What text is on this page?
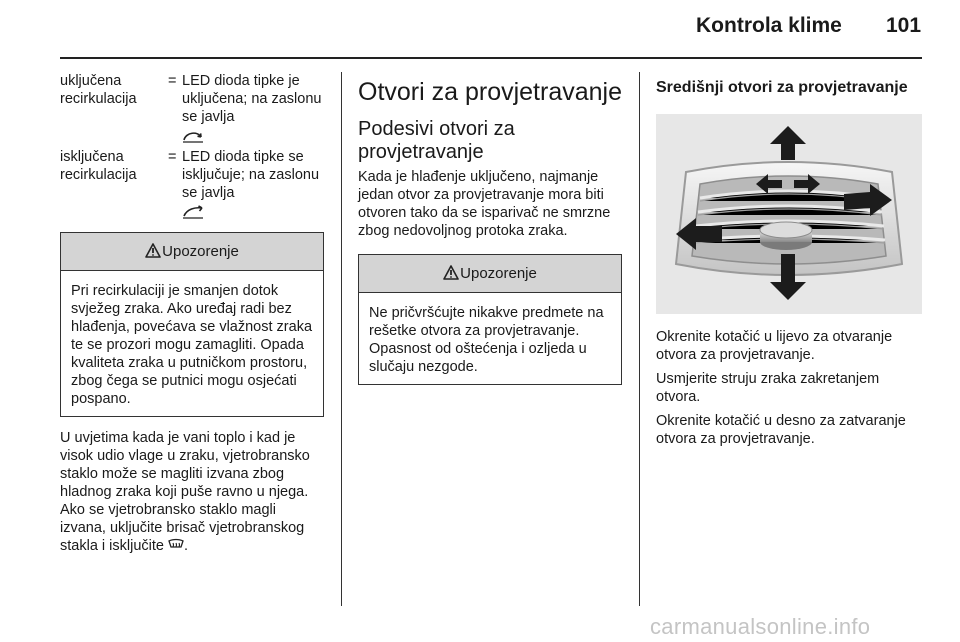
Kontrola klime 101
uključena recirkulacija
= LED dioda tipke je uključena; na zaslonu se javlja
isključena recirkulacija
= LED dioda tipke se isključuje; na zaslonu se javlja
Upozorenje
Pri recirkulaciji je smanjen dotok svježeg zraka. Ako uređaj radi bez hlađenja, povećava se vlažnost zraka te se prozori mogu zamagliti. Opada kvaliteta zraka u putničkom prostoru, zbog čega se putnici mogu osjećati pospano.

U uvjetima kada je vani toplo i kad je visok udio vlage u zraku, vjetrobransko staklo može se magliti izvana zbog hladnog zraka koji puše ravno u njega. Ako se vjetrobransko staklo magli izvana, uključite brisač vjetrobranskog stakla i isključite .

Otvori za provjetravanje
Podesivi otvori za provjetravanje

Kada je hlađenje uključeno, najmanje jedan otvor za provjetravanje mora biti otvoren tako da se isparivač ne smrzne zbog nedovoljnog protoka zraka.

Upozorenje
Ne pričvršćujte nikakve predmete na rešetke otvora za provjetravanje. Opasnost od oštećenja i ozljeda u slučaju nezgode.
Središnji otvori za provjetravanje

Okrenite kotačić u lijevo za otvaranje otvora za provjetravanje.

Usmjerite struju zraka zakretanjem otvora.

Okrenite kotačić u desno za zatvaranje otvora za provjetravanje.

carmanualsonline.info
